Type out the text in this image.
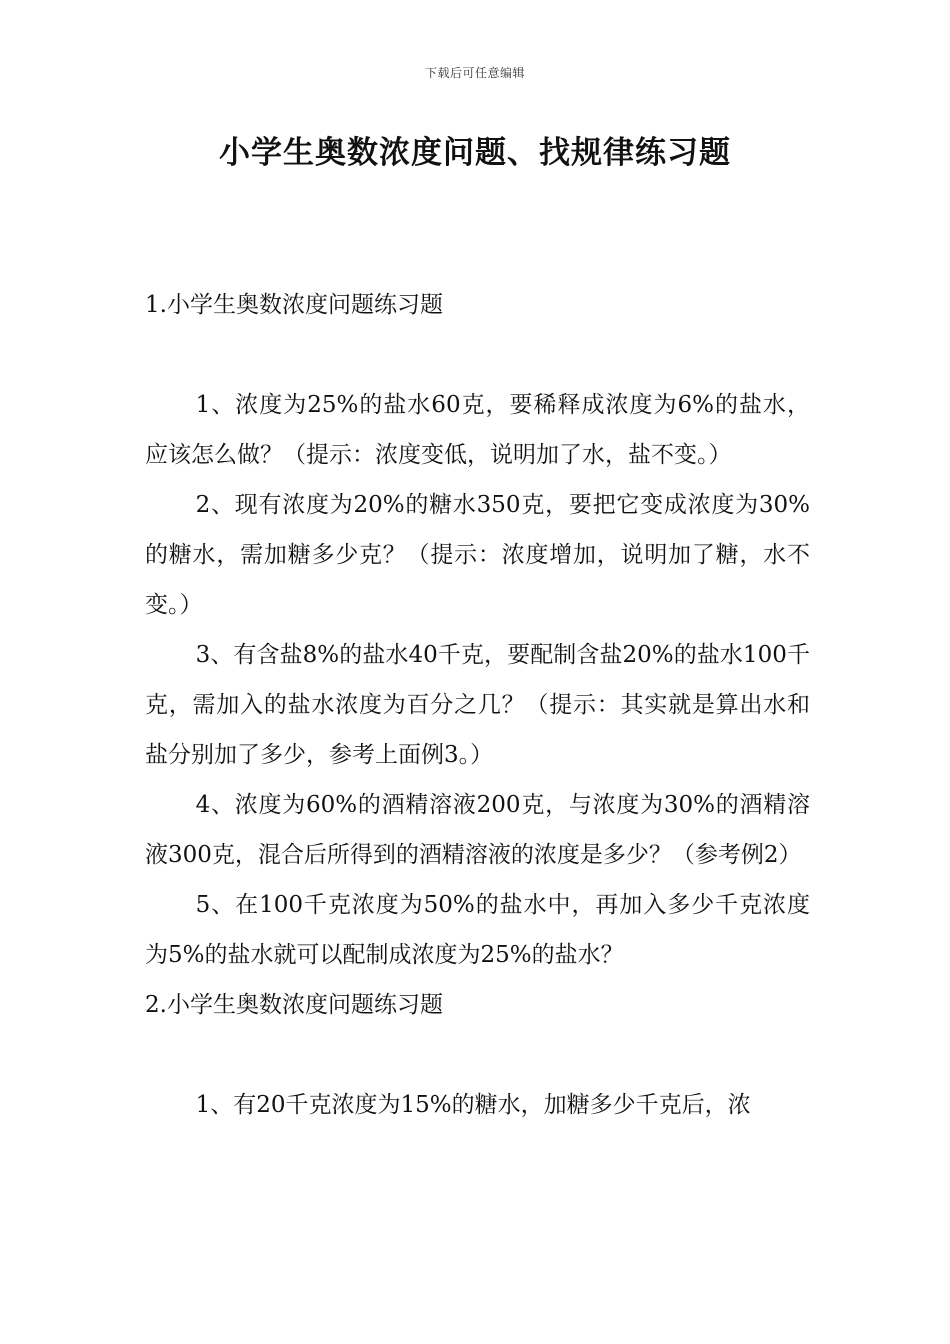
下载后可任意编辑
小学生奥数浓度问题、找规律练习题
1.小学生奥数浓度问题练习题

1、浓度为25%的盐水60克，要稀释成浓度为6%的盐水，应该怎么做？（提示：浓度变低，说明加了水，盐不变。）

2、现有浓度为20%的糖水350克，要把它变成浓度为30%的糖水，需加糖多少克？（提示：浓度增加，说明加了糖，水不变。）

3、有含盐8%的盐水40千克，要配制含盐20%的盐水100千克，需加入的盐水浓度为百分之几？（提示：其实就是算出水和盐分别加了多少，参考上面例3。）

4、浓度为60%的酒精溶液200克，与浓度为30%的酒精溶液300克，混合后所得到的酒精溶液的浓度是多少？（参考例2）

5、在100千克浓度为50%的盐水中，再加入多少千克浓度为5%的盐水就可以配制成浓度为25%的盐水？

2.小学生奥数浓度问题练习题

1、有20千克浓度为15%的糖水，加糖多少千克后，浓
